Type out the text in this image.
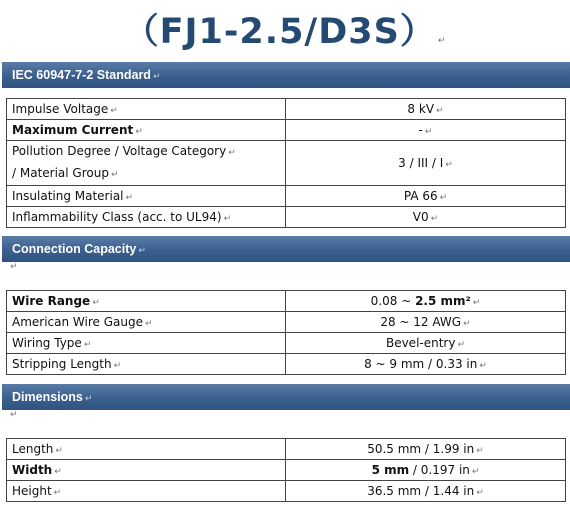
（FJ1-2.5/D3S） ↵
IEC 60947-7-2 Standard ↵
Impulse Voltage ↵	8 kV ↵
Maximum Current ↵	- ↵
Pollution Degree / Voltage Category ↵
/ Material Group ↵	3 / III / I ↵
Insulating Material ↵	PA 66 ↵
Inflammability Class (acc. to UL94) ↵	V0 ↵
Connection Capacity ↵
↵
Wire Range ↵	0.08 ~ 2.5 mm² ↵
American Wire Gauge ↵	28 ~ 12 AWG ↵
Wiring Type ↵	Bevel-entry ↵
Stripping Length ↵	8 ~ 9 mm / 0.33 in ↵
Dimensions ↵
↵
Length ↵	50.5 mm / 1.99 in ↵
Width ↵	5 mm / 0.197 in ↵
Height ↵	36.5 mm / 1.44 in ↵
